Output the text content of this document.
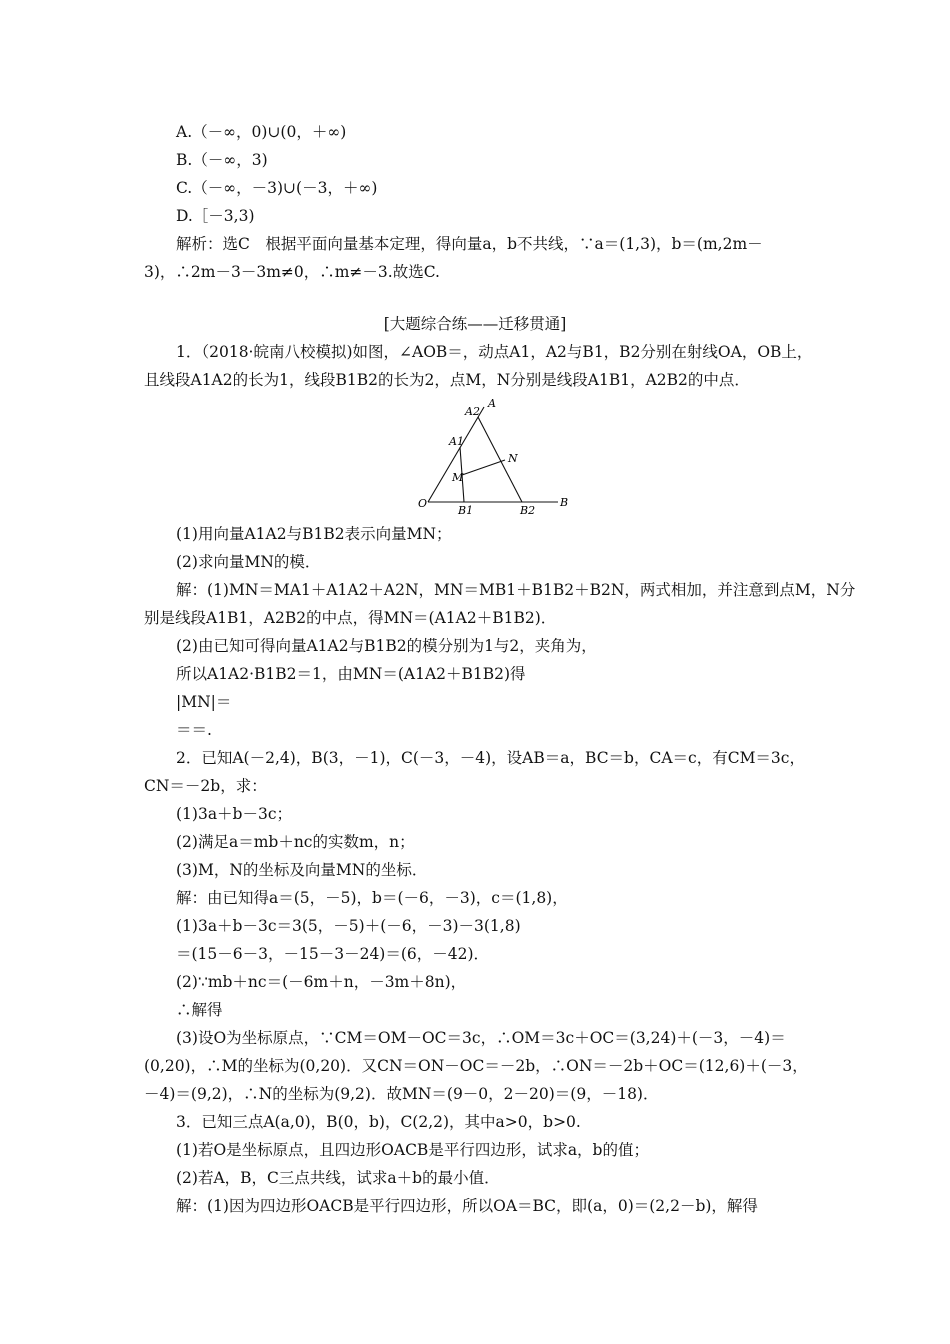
A.（－∞，0)∪(0，＋∞)
B.（－∞，3)
C.（－∞，－3)∪(－3，＋∞)
D.［－3,3)
解析：选C　根据平面向量基本定理，得向量a，b不共线，∵a＝(1,3)，b＝(m,2m－
3)，∴2m－3－3m≠0，∴m≠－3.故选C.
[大题综合练——迁移贯通]
1．（2018·皖南八校模拟)如图，∠AOB＝，动点A1，A2与B1，B2分别在射线OA，OB上，
且线段A1A2的长为1，线段B1B2的长为2，点M，N分别是线段A1B1，A2B2的中点．
A
A2
A1
M
N
O
B1	B2
B
(1)用向量A1A2与B1B2表示向量MN；
(2)求向量MN的模．
解：(1)MN＝MA1＋A1A2＋A2N，MN＝MB1＋B1B2＋B2N，两式相加，并注意到点M，N分
别是线段A1B1，A2B2的中点，得MN＝(A1A2＋B1B2)．
(2)由已知可得向量A1A2与B1B2的模分别为1与2，夹角为，
所以A1A2·B1B2＝1，由MN＝(A1A2＋B1B2)得
|MN|＝
＝＝.
2．已知A(－2,4)，B(3，－1)，C(－3，－4)，设AB＝a，BC＝b，CA＝c，有CM＝3c，
CN＝－2b，求：
(1)3a＋b－3c；
(2)满足a＝mb＋nc的实数m，n；
(3)M，N的坐标及向量MN的坐标．
解：由已知得a＝(5，－5)，b＝(－6，－3)，c＝(1,8)，
(1)3a＋b－3c＝3(5，－5)＋(－6，－3)－3(1,8)
＝(15－6－3，－15－3－24)＝(6，－42)．
(2)∵mb＋nc＝(－6m＋n，－3m＋8n)，
∴解得
(3)设O为坐标原点，∵CM＝OM－OC＝3c，∴OM＝3c＋OC＝(3,24)＋(－3，－4)＝
(0,20)，∴M的坐标为(0,20)．又CN＝ON－OC＝－2b，∴ON＝－2b＋OC＝(12,6)＋(－3，
－4)＝(9,2)，∴N的坐标为(9,2)．故MN＝(9－0，2－20)＝(9，－18)．
3．已知三点A(a,0)，B(0，b)，C(2,2)，其中a>0，b>0.
(1)若O是坐标原点，且四边形OACB是平行四边形，试求a，b的值；
(2)若A，B，C三点共线，试求a＋b的最小值．
解：(1)因为四边形OACB是平行四边形，所以OA＝BC，即(a，0)＝(2,2－b)，解得
